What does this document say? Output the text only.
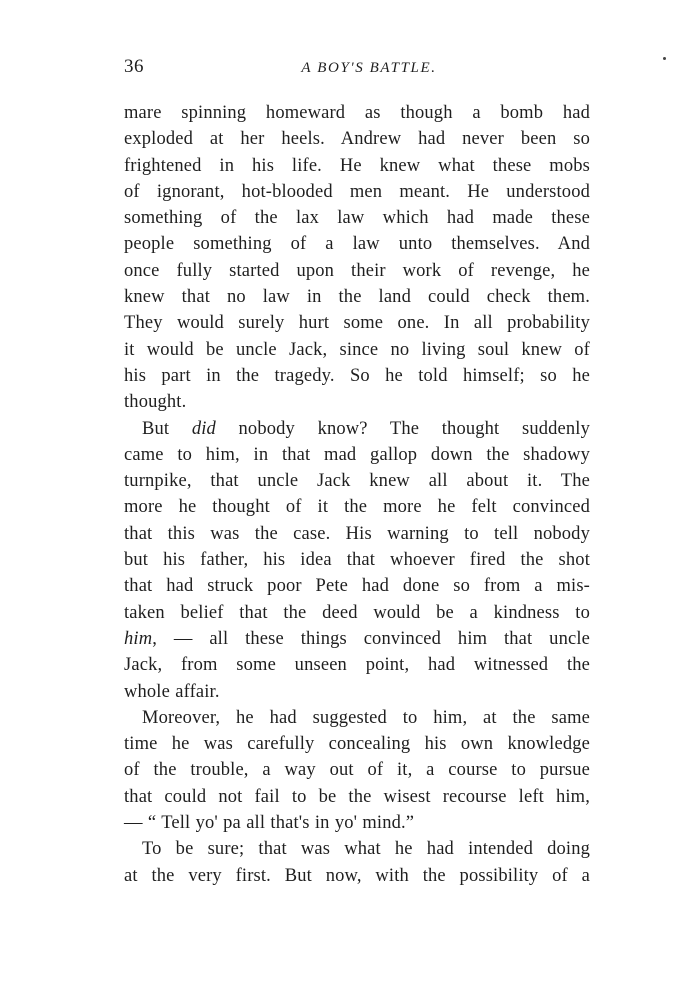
36	A BOY'S BATTLE.
mare spinning homeward as though a bomb had
exploded at her heels. Andrew had never been so
frightened in his life. He knew what these mobs
of ignorant, hot-blooded men meant. He understood
something of the lax law which had made these
people something of a law unto themselves. And
once fully started upon their work of revenge, he
knew that no law in the land could check them.
They would surely hurt some one. In all probability
it would be uncle Jack, since no living soul knew of
his part in the tragedy. So he told himself; so he
thought.
But did nobody know? The thought suddenly
came to him, in that mad gallop down the shadowy
turnpike, that uncle Jack knew all about it. The
more he thought of it the more he felt convinced
that this was the case. His warning to tell nobody
but his father, his idea that whoever fired the shot
that had struck poor Pete had done so from a mis-
taken belief that the deed would be a kindness to
him, — all these things convinced him that uncle
Jack, from some unseen point, had witnessed the
whole affair.
Moreover, he had suggested to him, at the same
time he was carefully concealing his own knowledge
of the trouble, a way out of it, a course to pursue
that could not fail to be the wisest recourse left him,
— “ Tell yo' pa all that's in yo' mind.”
To be sure; that was what he had intended doing
at the very first. But now, with the possibility of a
